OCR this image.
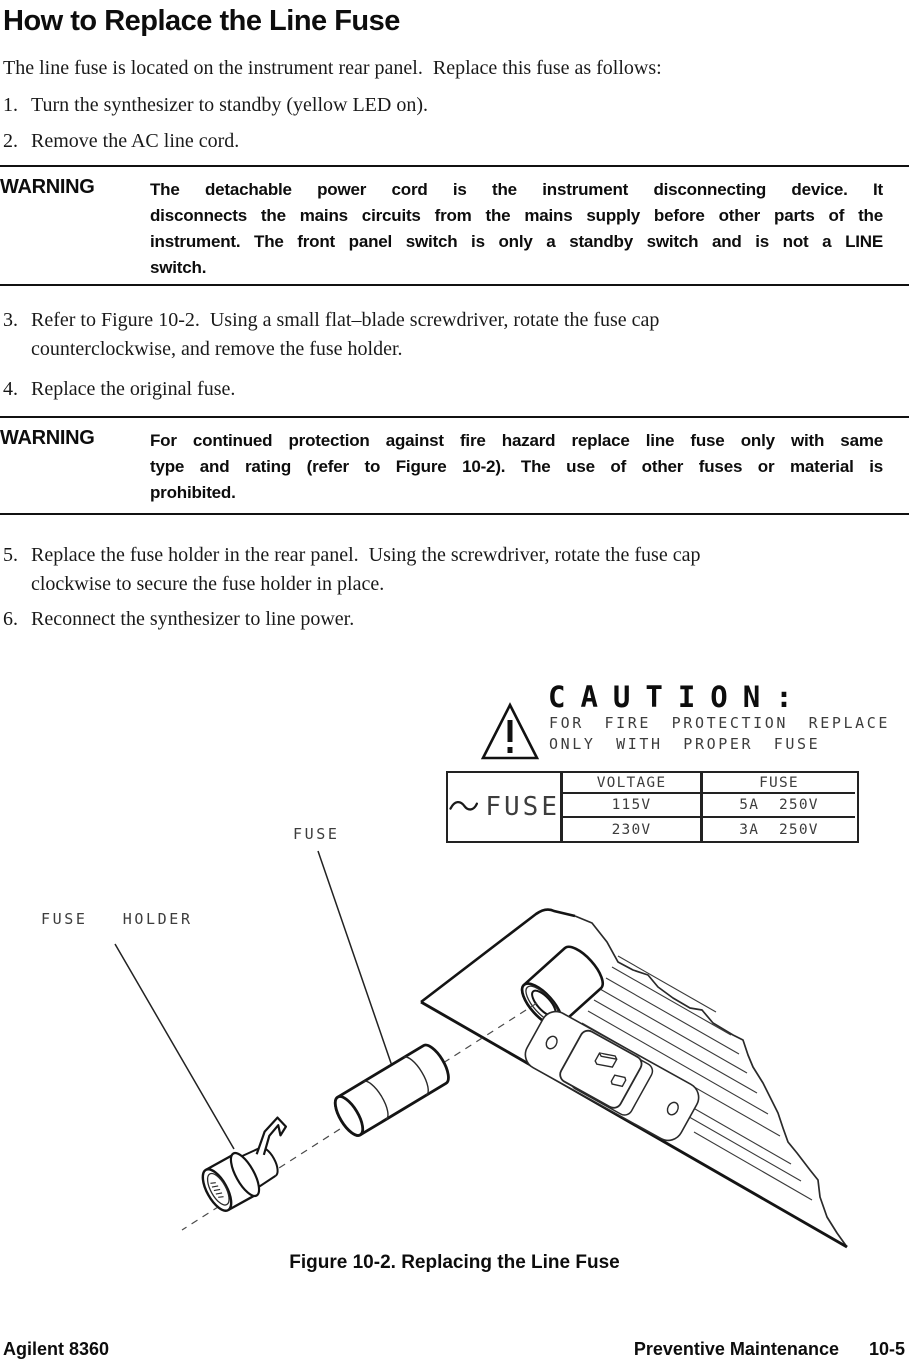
How to Replace the Line Fuse
The line fuse is located on the instrument rear panel.  Replace this fuse as follows:
1. Turn the synthesizer to standby (yellow LED on).
2. Remove the AC line cord.
WARNING	The detachable power cord is the instrument disconnecting device. It
disconnects the mains circuits from the mains supply before other parts of the
instrument. The front panel switch is only a standby switch and is not a LINE
switch.
3. Refer to Figure 10-2.  Using a small flat–blade screwdriver, rotate the fuse cap
counterclockwise, and remove the fuse holder.
4. Replace the original fuse.
WARNING	For continued protection against fire hazard replace line fuse only with same
type and rating (refer to Figure 10-2). The use of other fuses or material is
prohibited.
5. Replace the fuse holder in the rear panel.  Using the screwdriver, rotate the fuse cap
clockwise to secure the fuse holder in place.
6. Reconnect the synthesizer to line power.
CAUTION:
FOR FIRE PROTECTION REPLACE
ONLY WITH PROPER FUSE
FUSE
VOLTAGE	FUSE
115V	5A  250V
230V	3A  250V
FUSE
FUSE  HOLDER
Figure 10-2. Replacing the Line Fuse
Agilent 8360	Preventive Maintenance 10-5
